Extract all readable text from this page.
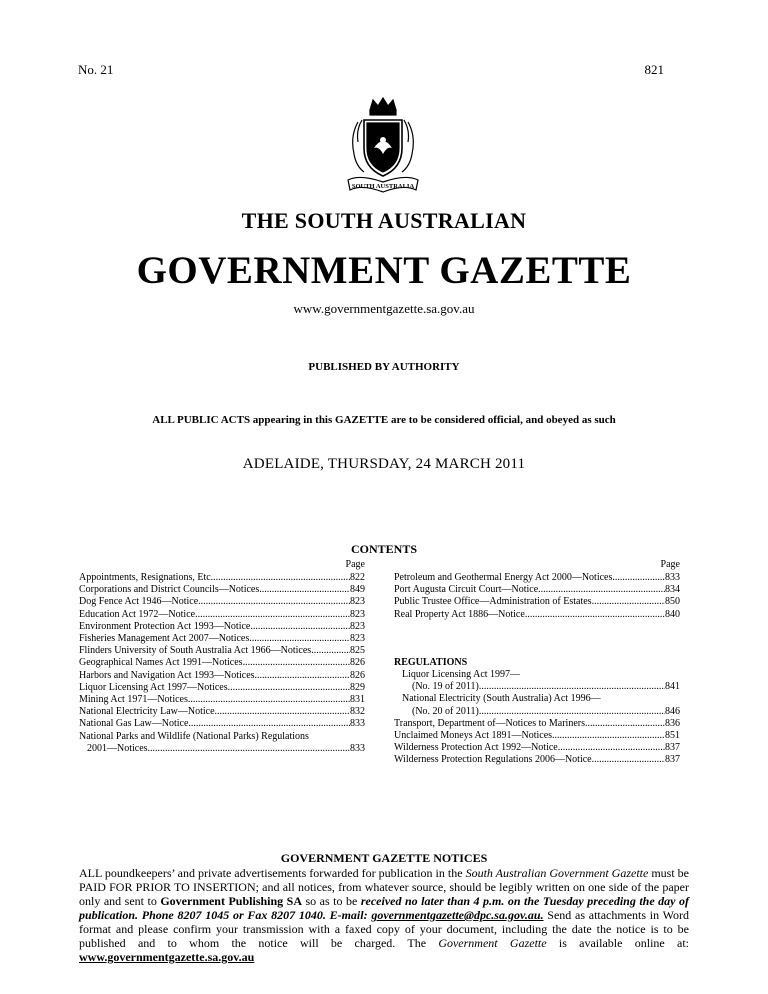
No. 21	821
SOUTH AUSTRALIA
THE SOUTH AUSTRALIAN
GOVERNMENT GAZETTE
www.governmentgazette.sa.gov.au
PUBLISHED BY AUTHORITY
ALL PUBLIC ACTS appearing in this GAZETTE are to be considered official, and obeyed as such
ADELAIDE, THURSDAY, 24 MARCH 2011
CONTENTS
Page
Appointments, Resignations, Etc. .....	822
Corporations and District Councils—Notices .....	849
Dog Fence Act 1946—Notice .....	823
Education Act 1972—Notice .....	823
Environment Protection Act 1993—Notice .....	823
Fisheries Management Act 2007—Notices .....	823
Flinders University of South Australia Act 1966—Notices .....	825
Geographical Names Act 1991—Notices .....	826
Harbors and Navigation Act 1993—Notices .....	826
Liquor Licensing Act 1997—Notices .....	829
Mining Act 1971—Notices .....	831
National Electricity Law—Notice .....	832
National Gas Law—Notice .....	833
National Parks and Wildlife (National Parks) Regulations
2001—Notices .....	833
Page
Petroleum and Geothermal Energy Act 2000—Notices .....	833
Port Augusta Circuit Court—Notice .....	834
Public Trustee Office—Administration of Estates .....	850
Real Property Act 1886—Notice .....	840
REGULATIONS
Liquor Licensing Act 1997—
(No. 19 of 2011) .....	841
National Electricity (South Australia) Act 1996—
(No. 20 of 2011) .....	846
Transport, Department of—Notices to Mariners .....	836
Unclaimed Moneys Act 1891—Notices .....	851
Wilderness Protection Act 1992—Notice .....	837
Wilderness Protection Regulations 2006—Notice .....	837
GOVERNMENT GAZETTE NOTICES
ALL poundkeepers’ and private advertisements forwarded for publication in the South Australian Government Gazette must be PAID FOR PRIOR TO INSERTION; and all notices, from whatever source, should be legibly written on one side of the paper only and sent to Government Publishing SA so as to be received no later than 4 p.m. on the Tuesday preceding the day of publication. Phone 8207 1045 or Fax 8207 1040. E-mail: governmentgazette@dpc.sa.gov.au. Send as attachments in Word format and please confirm your transmission with a faxed copy of your document, including the date the notice is to be published and to whom the notice will be charged. The Government Gazette is available online at: www.governmentgazette.sa.gov.au
